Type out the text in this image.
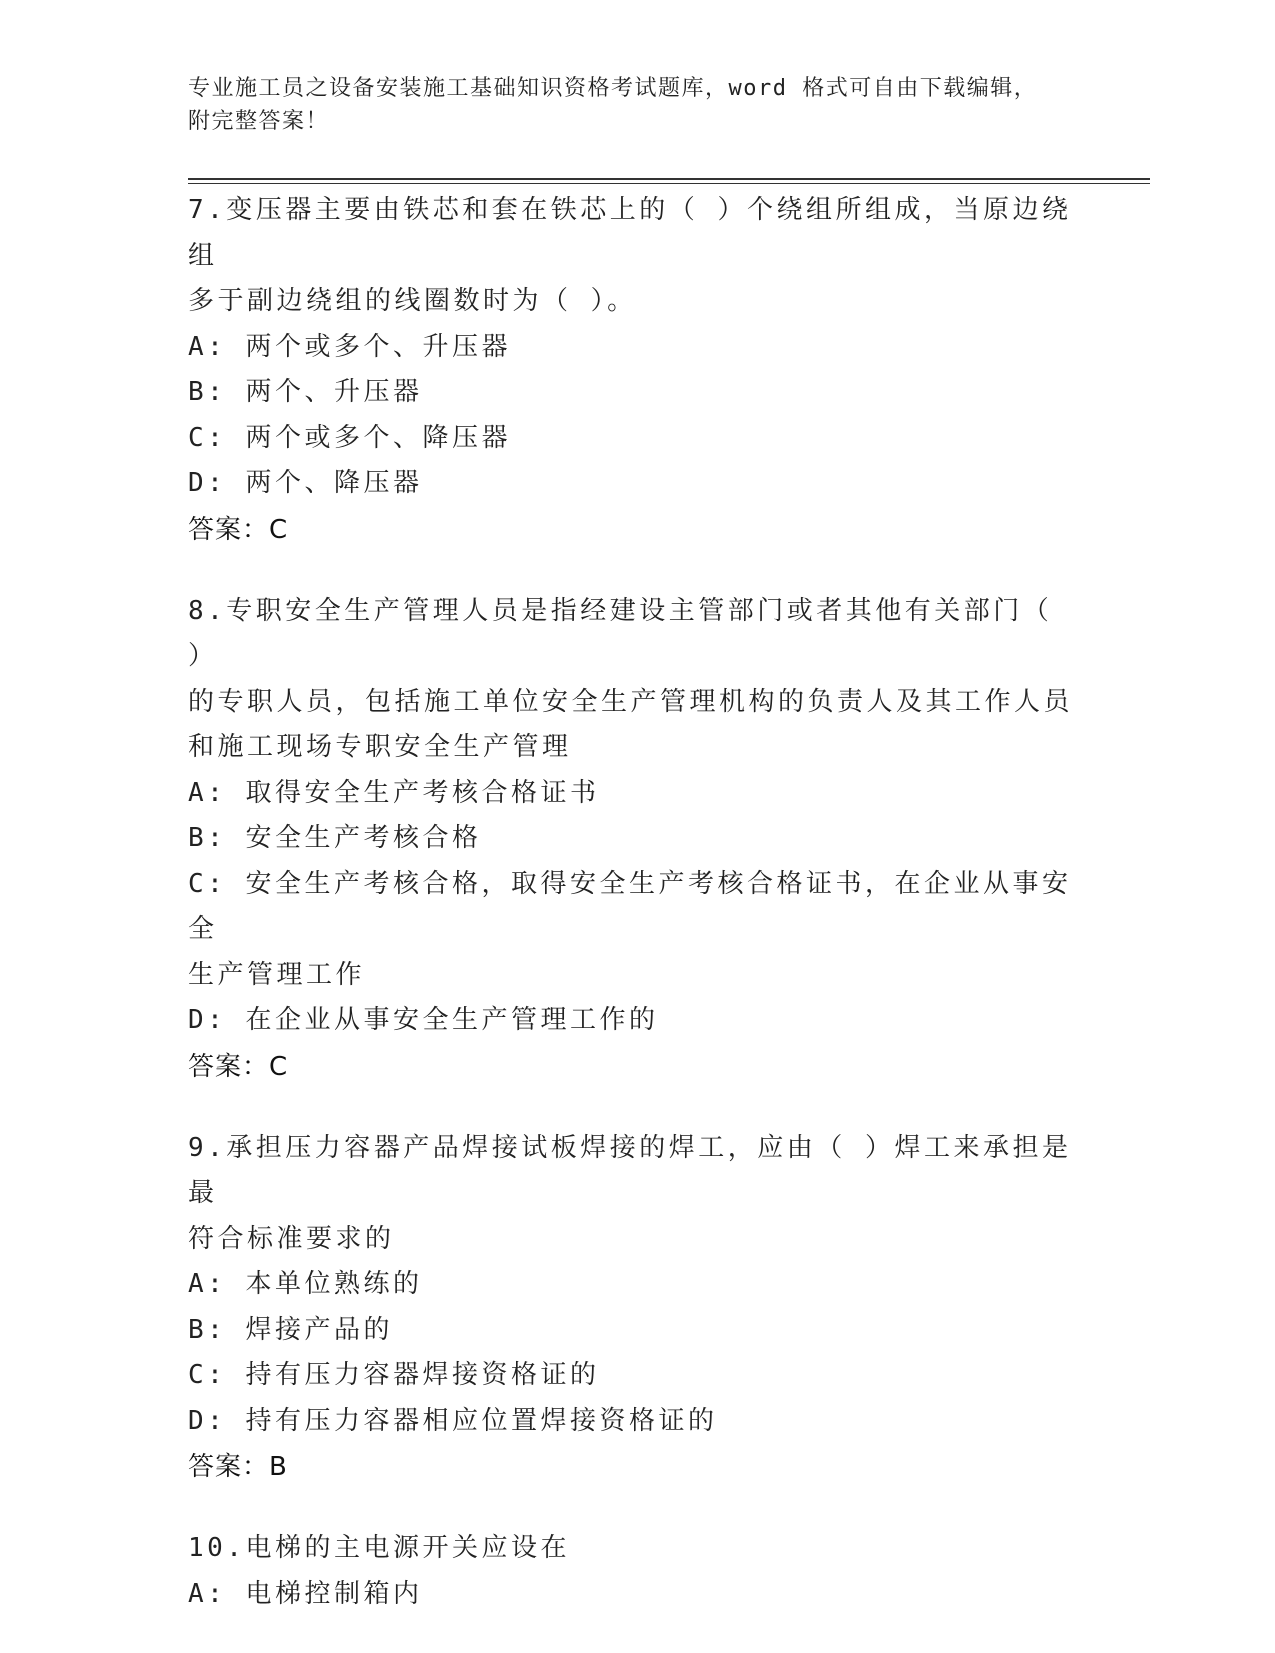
专业施工员之设备安装施工基础知识资格考试题库，word 格式可自由下载编辑，
附完整答案！
7.变压器主要由铁芯和套在铁芯上的（ ）个绕组所组成，当原边绕组
多于副边绕组的线圈数时为（ ）。
A: 两个或多个、升压器
B: 两个、升压器
C: 两个或多个、降压器
D: 两个、降压器
答案：C
8.专职安全生产管理人员是指经建设主管部门或者其他有关部门（ ）
的专职人员，包括施工单位安全生产管理机构的负责人及其工作人员
和施工现场专职安全生产管理
A: 取得安全生产考核合格证书
B: 安全生产考核合格
C: 安全生产考核合格，取得安全生产考核合格证书，在企业从事安全
生产管理工作
D: 在企业从事安全生产管理工作的
答案：C
9.承担压力容器产品焊接试板焊接的焊工，应由（ ）焊工来承担是最
符合标准要求的
A: 本单位熟练的
B: 焊接产品的
C: 持有压力容器焊接资格证的
D: 持有压力容器相应位置焊接资格证的
答案：B
10.电梯的主电源开关应设在
A: 电梯控制箱内
